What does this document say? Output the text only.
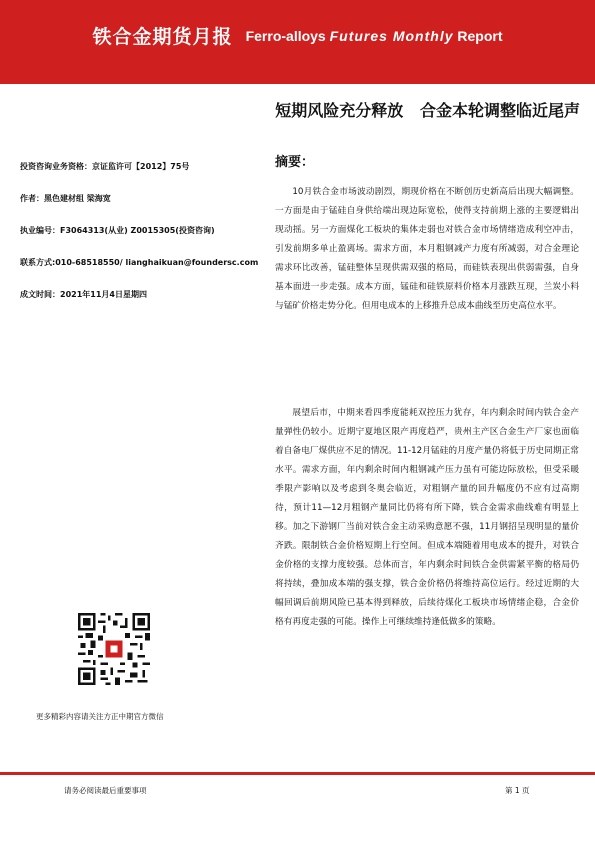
铁合金期货月报 Ferro-alloys Futures Monthly Report
短期风险充分释放   合金本轮调整临近尾声
投资咨询业务资格：京证监许可【2012】75号
作者：黑色建材组 梁海宽
执业编号：F3064313(从业) Z0015305(投资咨询)
联系方式:010-68518550/ lianghaikuan@foundersc.com
成文时间：2021年11月4日星期四
摘要：

10月铁合金市场波动剧烈，期现价格在不断创历史新高后出现大幅调整。一方面是由于锰硅自身供给端出现边际宽松，使得支持前期上涨的主要逻辑出现动摇。另一方面煤化工板块的集体走弱也对铁合金市场情绪造成利空冲击，引发前期多单止盈离场。需求方面，本月粗钢减产力度有所减弱，对合金理论需求环比改善，锰硅整体呈现供需双强的格局，而硅铁表现出供弱需强，自身基本面进一步走强。成本方面，锰硅和硅铁原料价格本月涨跌互现，兰炭小料与锰矿价格走势分化。但用电成本的上移推升总成本曲线至历史高位水平。

展望后市，中期来看四季度能耗双控压力犹存，年内剩余时间内铁合金产量弹性仍较小。近期宁夏地区限产再度趋严，贵州主产区合金生产厂家也面临着自备电厂煤供应不足的情况。11-12月锰硅的月度产量仍将低于历史同期正常水平。需求方面，年内剩余时间内粗钢减产压力虽有可能边际放松，但受采暖季限产影响以及考虑到冬奥会临近，对粗钢产量的回升幅度仍不应有过高期待，预计11—12月粗钢产量同比仍将有所下降，铁合金需求曲线难有明显上移。加之下游钢厂当前对铁合金主动采购意愿不强，11月钢招呈现明显的量价齐跌。限制铁合金价格短期上行空间。但成本端随着用电成本的提升，对铁合金价格的支撑力度较强。总体而言，年内剩余时间铁合金供需紧平衡的格局仍将持续，叠加成本端的强支撑，铁合金价格仍将维持高位运行。经过近期的大幅回调后前期风险已基本得到释放，后续待煤化工板块市场情绪企稳，合金价格有再度走强的可能。操作上可继续维持逢低做多的策略。

更多精彩内容请关注方正中期官方微信
请务必阅读最后重要事项	第 1 页
